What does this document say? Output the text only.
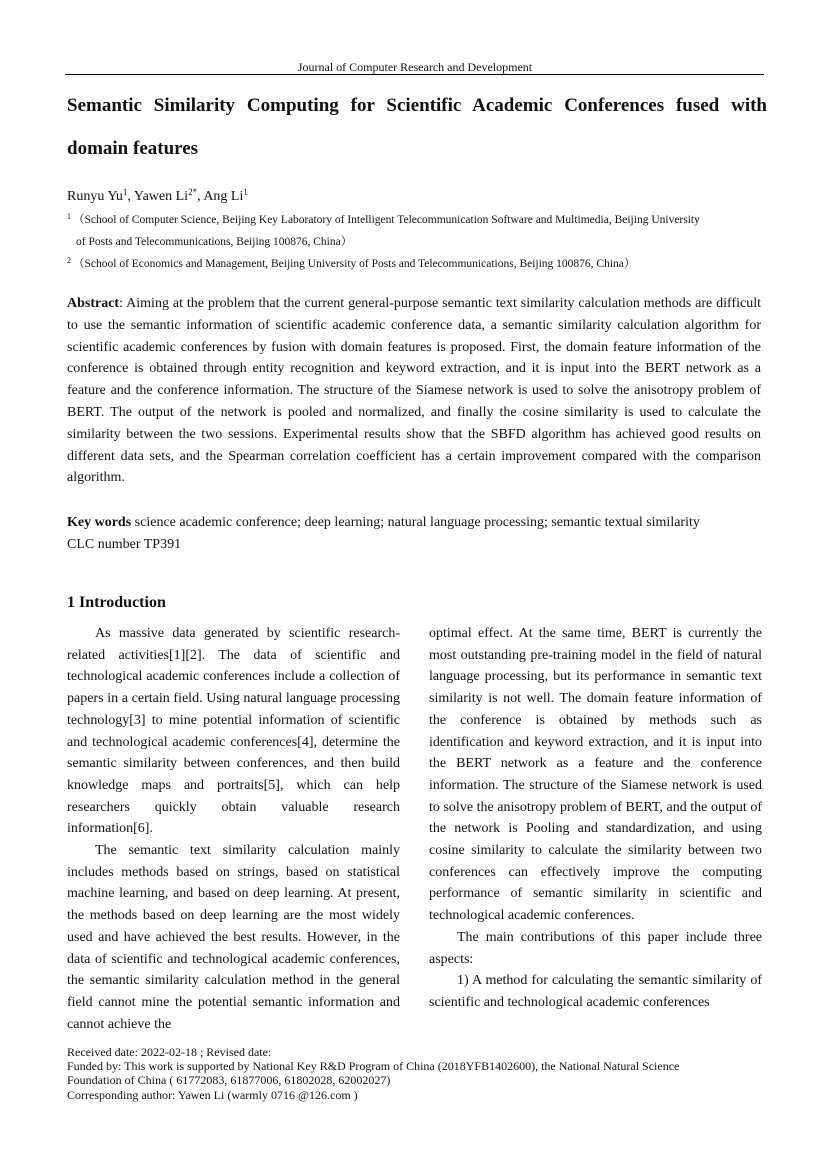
Journal of Computer Research and Development
Semantic Similarity Computing for Scientific Academic Conferences fused with domain features
Runyu Yu$^1$, Yawen $Li^{2*}$, Ang Li$^1$
$^1$ （School of Computer Science, Beijing Key Laboratory of Intelligent Telecommunication Software and Multimedia, Beijing University
of Posts and Telecommunications, Beijing 100876, China）
$^2$ （School of Economics and Management, Beijing University of Posts and Telecommunications, Beijing 100876, China）

Abstract: Aiming at the problem that the current general-purpose semantic text similarity calculation methods are difficult to use the semantic information of scientific academic conference data, a semantic similarity calculation algorithm for scientific academic conferences by fusion with domain features is proposed. First, the domain feature information of the conference is obtained through entity recognition and keyword extraction, and it is input into the BERT network as a feature and the conference information. The structure of the Siamese network is used to solve the anisotropy problem of BERT. The output of the network is pooled and normalized, and finally the cosine similarity is used to calculate the similarity between the two sessions. Experimental results show that the SBFD algorithm has achieved good results on different data sets, and the Spearman correlation coefficient has a certain improvement compared with the comparison algorithm.

Key words science academic conference; deep learning; natural language processing; semantic textual similarity
CLC number TP391
1 Introduction

As massive data generated by scientific research-related activities[1][2]. The data of scientific and technological academic conferences include a collection of papers in a certain field. Using natural language processing technology[3] to mine potential information of scientific and technological academic conferences[4], determine the semantic similarity between conferences, and then build knowledge maps and portraits[5], which can help researchers quickly obtain valuable research information[6].

The semantic text similarity calculation mainly includes methods based on strings, based on statistical machine learning, and based on deep learning. At present, the methods based on deep learning are the most widely used and have achieved the best results. However, in the data of scientific and technological academic conferences, the semantic similarity calculation method in the general field cannot mine the potential semantic information and cannot achieve the

optimal effect. At the same time, BERT is currently the most outstanding pre-training model in the field of natural language processing, but its performance in semantic text similarity is not well. The domain feature information of the conference is obtained by methods such as identification and keyword extraction, and it is input into the BERT network as a feature and the conference information. The structure of the Siamese network is used to solve the anisotropy problem of BERT, and the output of the network is Pooling and standardization, and using cosine similarity to calculate the similarity between two conferences can effectively improve the computing performance of semantic similarity in scientific and technological academic conferences.

The main contributions of this paper include three aspects:

1) A method for calculating the semantic similarity of scientific and technological academic conferences

Received date: 2022-02-18 ; Revised date:
Funded by: This work is supported by National Key R&D Program of China (2018YFB1402600), the National Natural Science
Foundation of China ( 61772083, 61877006, 61802028, 62002027)
Corresponding author: Yawen Li (warmly 0716 @126.com )
